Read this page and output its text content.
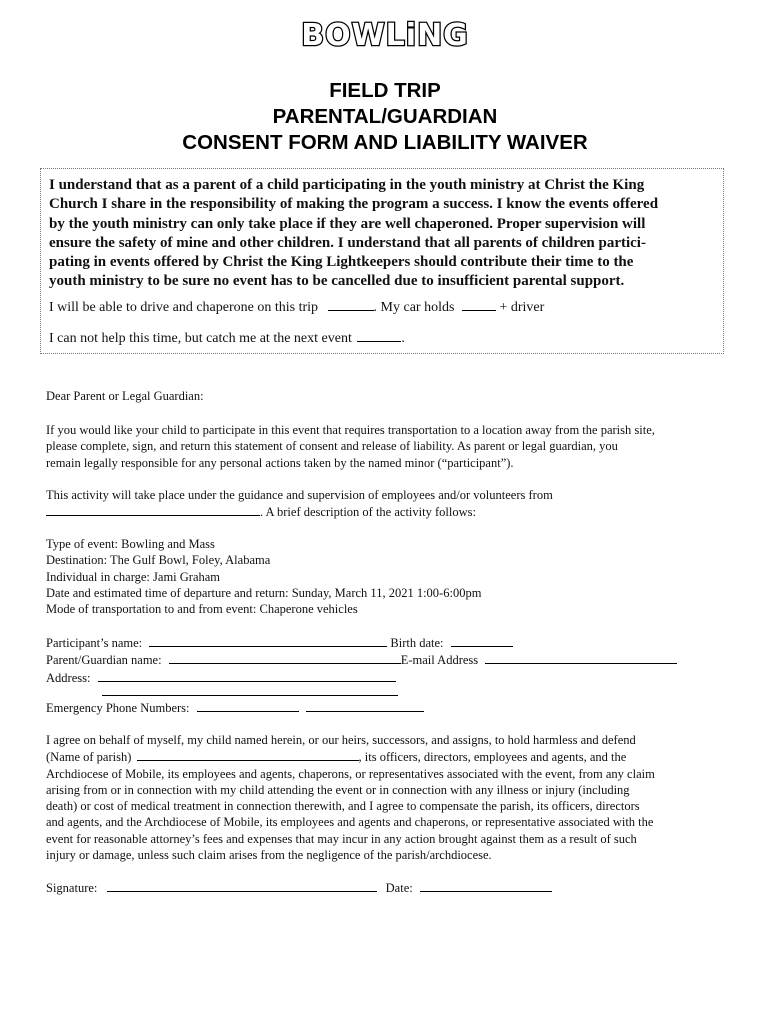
BOWLiNG
FIELD TRIP
PARENTAL/GUARDIAN
CONSENT FORM AND LIABILITY WAIVER
I understand that as a parent of a child participating in the youth ministry at Christ the King
Church I share in the responsibility of making the program a success. I know the events offered
by the youth ministry can only take place if they are well chaperoned. Proper supervision will
ensure the safety of mine and other children. I understand that all parents of children partici-
pating in events offered by Christ the King Lightkeepers should contribute their time to the
youth ministry to be sure no event has to be cancelled due to insufficient parental support.
I will be able to drive and chaperone on this trip	. My car holds	+ driver
I can not help this time, but catch me at the next event	.
Dear Parent or Legal Guardian:
If you would like your child to participate in this event that requires transportation to a location away from the parish site,
please complete, sign, and return this statement of consent and release of liability. As parent or legal guardian, you
remain legally responsible for any personal actions taken by the named minor (“participant”).
This activity will take place under the guidance and supervision of employees and/or volunteers from
. A brief description of the activity follows:
Type of event: Bowling and Mass
Destination: The Gulf Bowl, Foley, Alabama
Individual in charge: Jami Graham
Date and estimated time of departure and return: Sunday, March 11, 2021 1:00-6:00pm
Mode of transportation to and from event: Chaperone vehicles
Participant’s name:	Birth date:
Parent/Guardian name:	E-mail Address
Address:
Emergency Phone Numbers:
I agree on behalf of myself, my child named herein, or our heirs, successors, and assigns, to hold harmless and defend
(Name of parish)	, its officers, directors, employees and agents, and the
Archdiocese of Mobile, its employees and agents, chaperons, or representatives associated with the event, from any claim
arising from or in connection with my child attending the event or in connection with any illness or injury (including
death) or cost of medical treatment in connection therewith, and I agree to compensate the parish, its officers, directors
and agents, and the Archdiocese of Mobile, its employees and agents and chaperons, or representative associated with the
event for reasonable attorney’s fees and expenses that may incur in any action brought against them as a result of such
injury or damage, unless such claim arises from the negligence of the parish/archdiocese.
Signature:	Date:
